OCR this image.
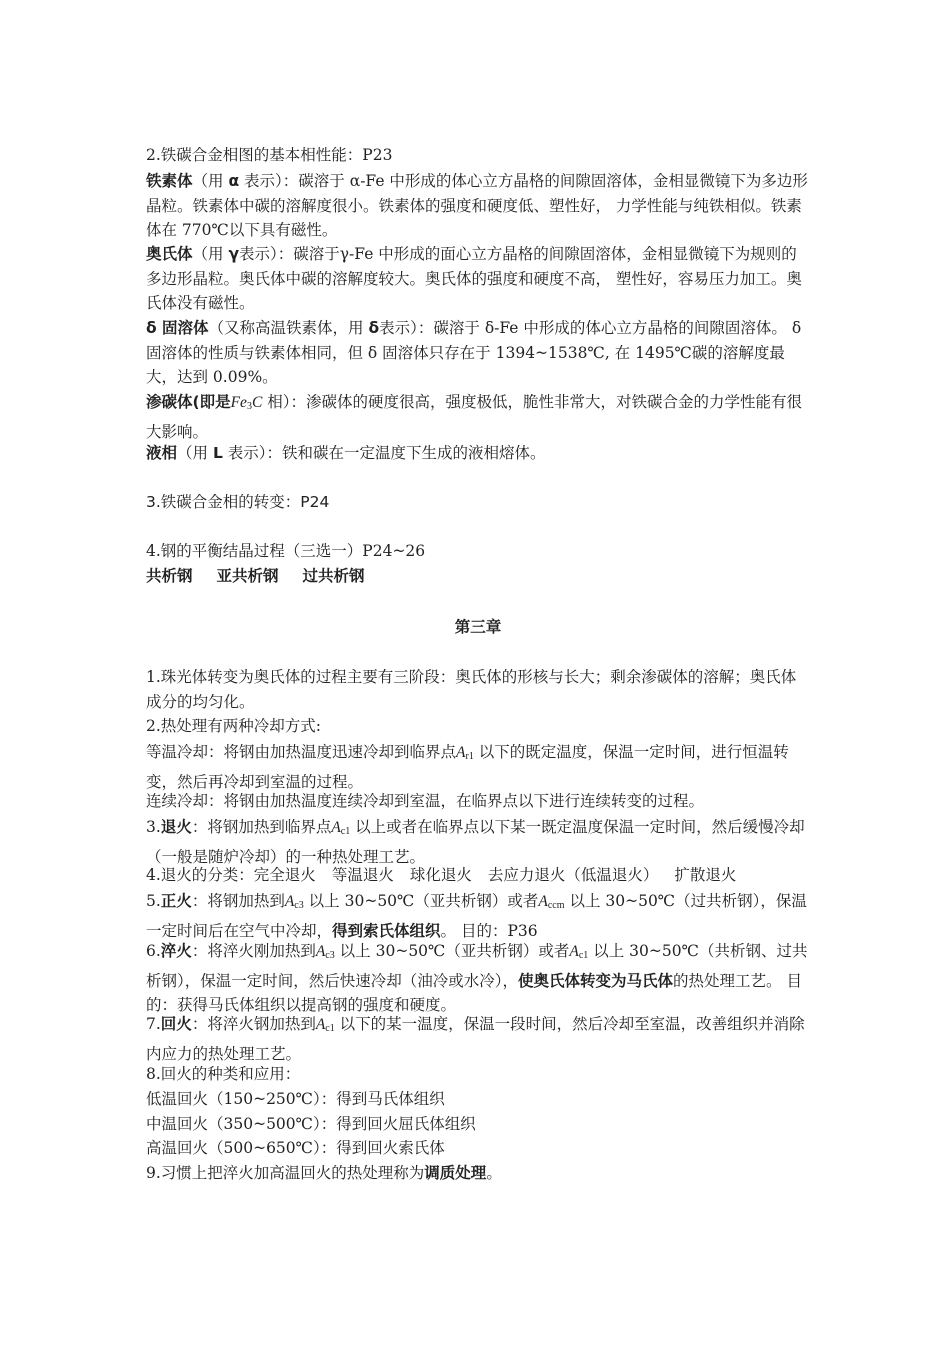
2.铁碳合金相图的基本相性能：P23

铁素体（用 α 表示）：碳溶于 α-Fe 中形成的体心立方晶格的间隙固溶体，金相显微镜下为多边形晶粒。铁素体中碳的溶解度很小。铁素体的强度和硬度低、塑性好， 力学性能与纯铁相似。铁素体在 770℃以下具有磁性。

奥氏体（用 γ表示）：碳溶于γ-Fe 中形成的面心立方晶格的间隙固溶体，金相显微镜下为规则的多边形晶粒。奥氏体中碳的溶解度较大。奥氏体的强度和硬度不高， 塑性好，容易压力加工。奥氏体没有磁性。

δ 固溶体（又称高温铁素体，用 δ表示）：碳溶于 δ-Fe 中形成的体心立方晶格的间隙固溶体。 δ 固溶体的性质与铁素体相同，但 δ 固溶体只存在于 1394~1538℃, 在 1495℃碳的溶解度最大，达到 0.09%。

渗碳体(即是$Fe_3C$ 相）：渗碳体的硬度很高，强度极低，脆性非常大，对铁碳合金的力学性能有很大影响。

液相（用 L 表示）：铁和碳在一定温度下生成的液相熔体。

3.铁碳合金相的转变：P24

4.钢的平衡结晶过程（三选一）P24~26

共析钢 亚共析钢 过共析钢

第三章

1.珠光体转变为奥氏体的过程主要有三阶段：奥氏体的形核与长大；剩余渗碳体的溶解；奥氏体成分的均匀化。

2.热处理有两种冷却方式:

等温冷却：将钢由加热温度迅速冷却到临界点$A_{r1}$ 以下的既定温度，保温一定时间，进行恒温转变，然后再冷却到室温的过程。

连续冷却：将钢由加热温度连续冷却到室温，在临界点以下进行连续转变的过程。

3.退火：将钢加热到临界点$A_{c1}$ 以上或者在临界点以下某一既定温度保温一定时间，然后缓慢冷却（一般是随炉冷却）的一种热处理工艺。

4.退火的分类：完全退火 等温退火 球化退火 去应力退火（低温退火） 扩散退火

5.正火：将钢加热到$A_{c3}$ 以上 30~50℃（亚共析钢）或者$A_{ccm}$ 以上 30~50℃（过共析钢），保温一定时间后在空气中冷却，得到索氏体组织。 目的：P36

6.淬火：将淬火刚加热到$A_{c3}$ 以上 30~50℃（亚共析钢）或者$A_{c1}$ 以上 30~50℃（共析钢、过共析钢），保温一定时间，然后快速冷却（油冷或水冷），使奥氏体转变为马氏体的热处理工艺。 目的：获得马氏体组织以提高钢的强度和硬度。

7.回火：将淬火钢加热到$A_{c1}$ 以下的某一温度，保温一段时间，然后冷却至室温，改善组织并消除内应力的热处理工艺。

8.回火的种类和应用：

低温回火（150~250℃）：得到马氏体组织

中温回火（350~500℃）：得到回火屈氏体组织

高温回火（500~650℃）：得到回火索氏体

9.习惯上把淬火加高温回火的热处理称为调质处理。
